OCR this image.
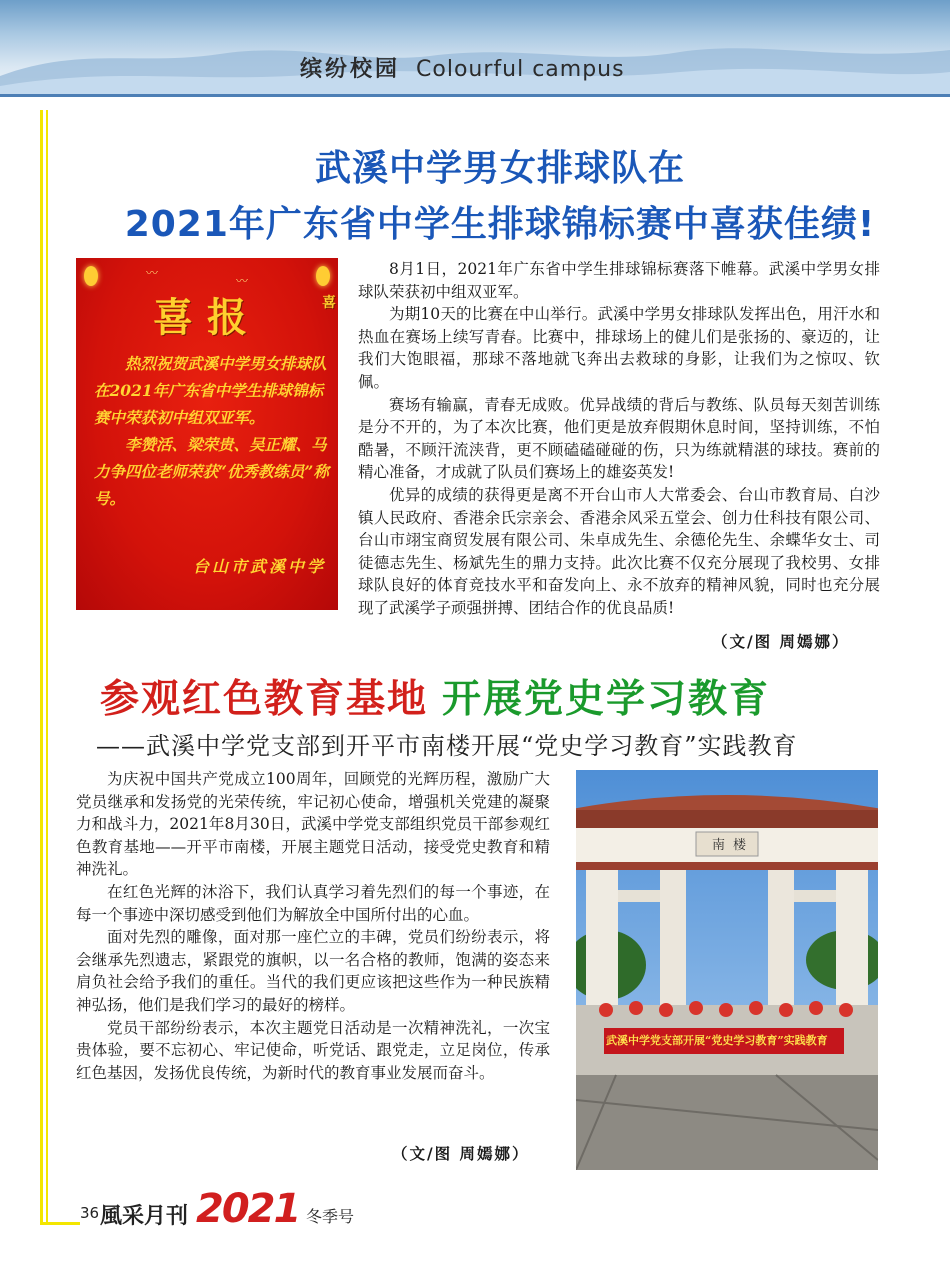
缤纷校园 Colourful campus
武溪中学男女排球队在
2021年广东省中学生排球锦标赛中喜获佳绩!
〰
〰
喜报	喜

热烈祝贺武溪中学男女排球队在2021年广东省中学生排球锦标赛中荣获初中组双亚军。

李赞活、梁荣贵、吴正耀、马力争四位老师荣获“优秀教练员”称号。

台山市武溪中学

8月1日，2021年广东省中学生排球锦标赛落下帷幕。武溪中学男女排球队荣获初中组双亚军。

为期10天的比赛在中山举行。武溪中学男女排球队发挥出色，用汗水和热血在赛场上续写青春。比赛中，排球场上的健儿们是张扬的、豪迈的，让我们大饱眼福，那球不落地就飞奔出去救球的身影，让我们为之惊叹、钦佩。

赛场有输赢，青春无成败。优异战绩的背后与教练、队员每天刻苦训练是分不开的，为了本次比赛，他们更是放弃假期休息时间，坚持训练，不怕酷暑，不顾汗流浃背，更不顾磕磕碰碰的伤，只为练就精湛的球技。赛前的精心准备，才成就了队员们赛场上的雄姿英发!

优异的成绩的获得更是离不开台山市人大常委会、台山市教育局、白沙镇人民政府、香港余氏宗亲会、香港余风采五堂会、创力仕科技有限公司、台山市翊宝商贸发展有限公司、朱卓成先生、余德伦先生、余蝶华女士、司徒德志先生、杨斌先生的鼎力支持。此次比赛不仅充分展现了我校男、女排球队良好的体育竞技水平和奋发向上、永不放弃的精神风貌，同时也充分展现了武溪学子顽强拼搏、团结合作的优良品质!

（文/图 周嫣娜）
参观红色教育基地 开展党史学习教育
——武溪中学党支部到开平市南楼开展“党史学习教育”实践教育

为庆祝中国共产党成立100周年，回顾党的光辉历程，激励广大党员继承和发扬党的光荣传统，牢记初心使命，增强机关党建的凝聚力和战斗力，2021年8月30日，武溪中学党支部组织党员干部参观红色教育基地——开平市南楼，开展主题党日活动，接受党史教育和精神洗礼。

在红色光辉的沐浴下，我们认真学习着先烈们的每一个事迹，在每一个事迹中深切感受到他们为解放全中国所付出的心血。

面对先烈的雕像，面对那一座伫立的丰碑，党员们纷纷表示，将会继承先烈遗志，紧跟党的旗帜，以一名合格的教师，饱满的姿态来肩负社会给予我们的重任。当代的我们更应该把这些作为一种民族精神弘扬，他们是我们学习的最好的榜样。

党员干部纷纷表示，本次主题党日活动是一次精神洗礼，一次宝贵体验，要不忘初心、牢记使命，听党话、跟党走，立足岗位，传承红色基因，发扬优良传统，为新时代的教育事业发展而奋斗。

（文/图 周嫣娜）
南楼
武溪中学党支部开展“党史学习教育”实践教育
36 風采月刊 2021 冬季号
